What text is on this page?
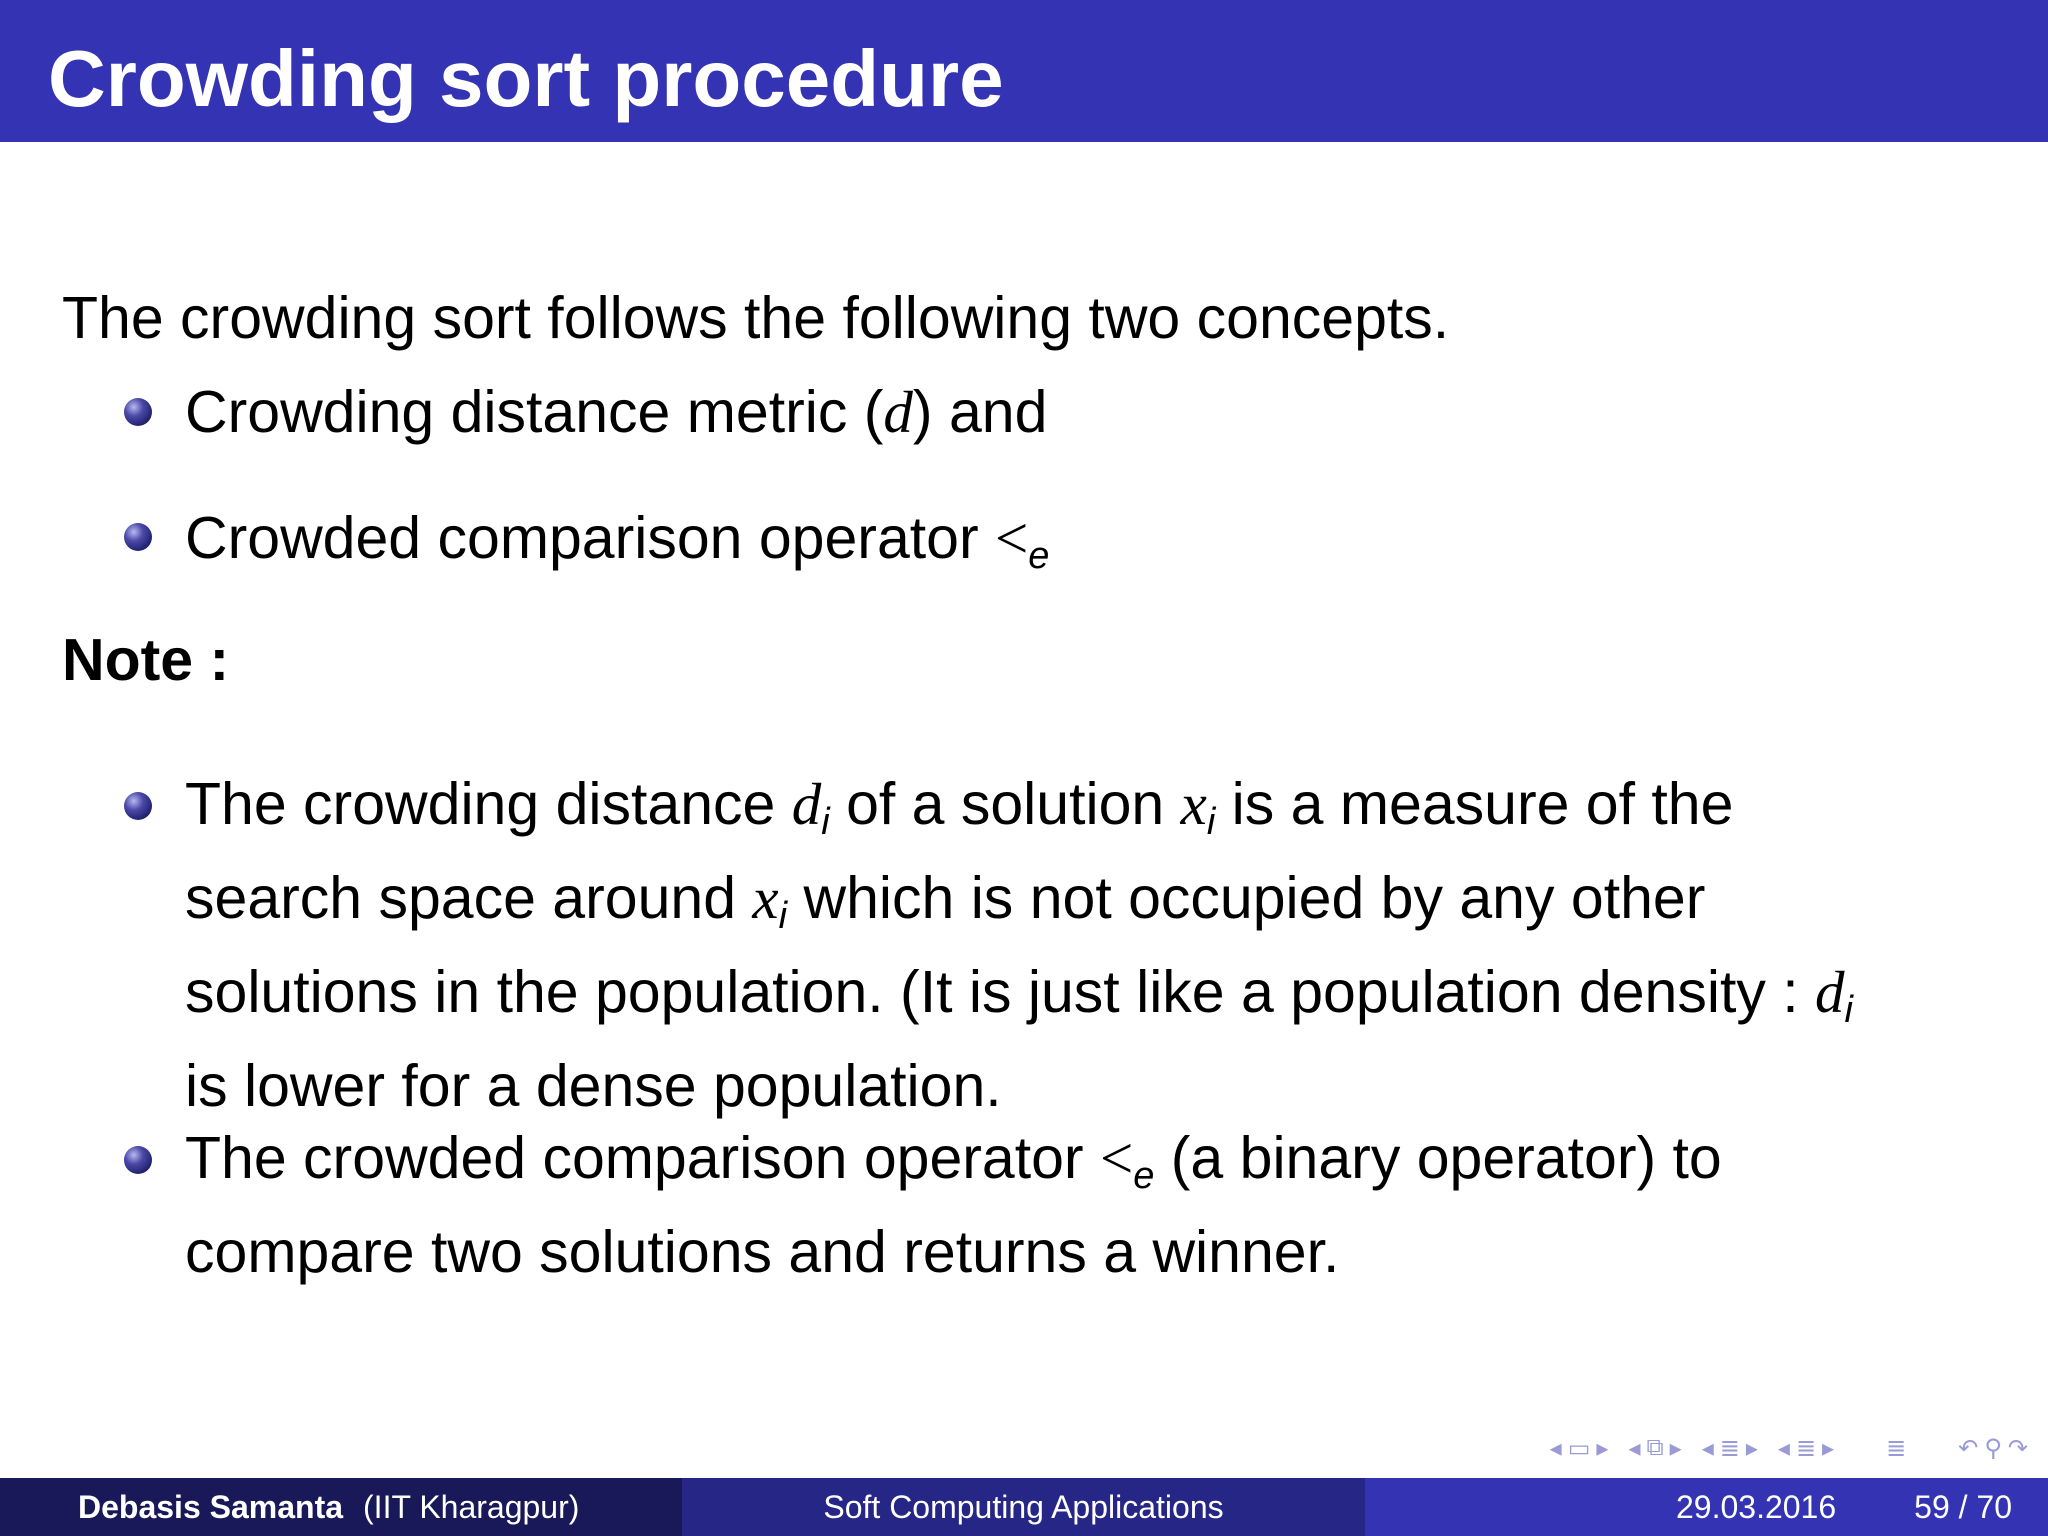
Crowding sort procedure
The crowding sort follows the following two concepts.
Crowding distance metric (d) and
Crowded comparison operator $<_e$
Note :
The crowding distance $d_i$ of a solution $x_i$ is a measure of the
search space around $x_i$ which is not occupied by any other
solutions in the population. (It is just like a population density : $d_i$
is lower for a dense population.
The crowded comparison operator $<_e$ (a binary operator) to
compare two solutions and returns a winner.
◂ ▭ ▸ ◂ ⧉ ▸ ◂ ≣ ▸ ◂ ≣ ▸ ≣ ↶ ⚲ ↷
Debasis Samanta (IIT Kharagpur)	Soft Computing Applications	29.03.2016 59 / 70
